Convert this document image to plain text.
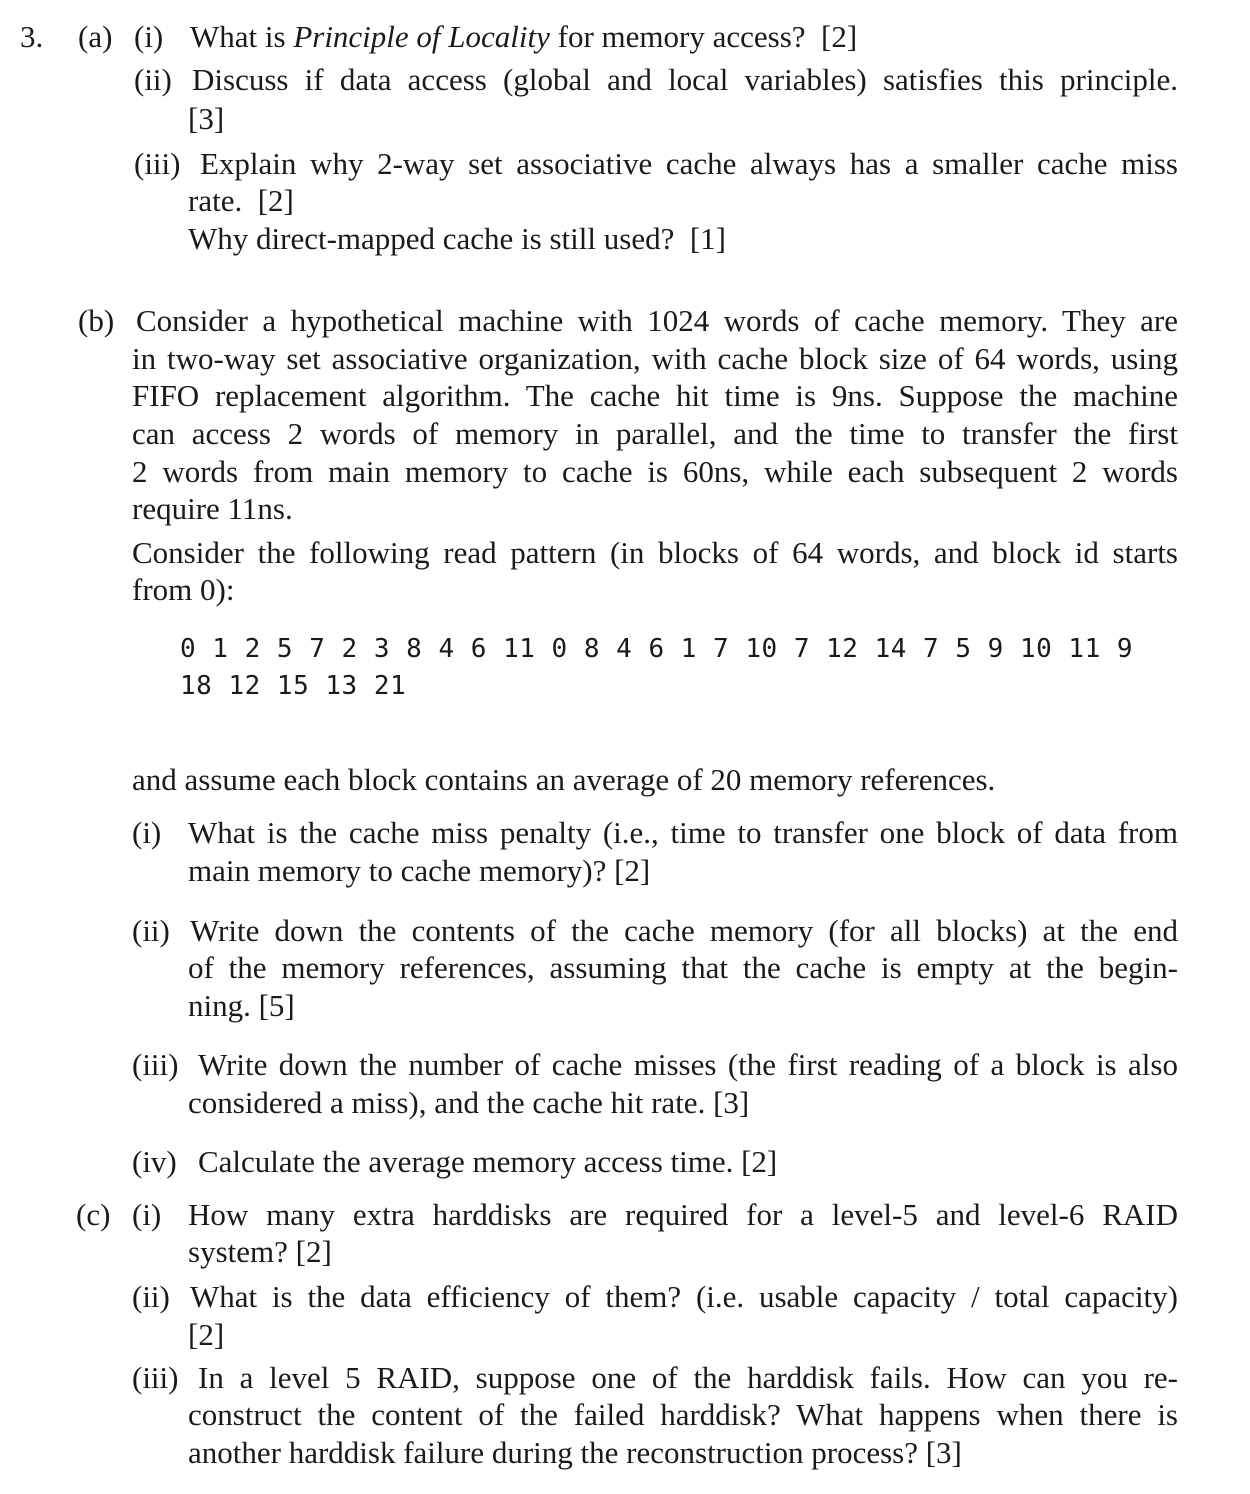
3. (a) (i) What is Principle of Locality for memory access? [2]
(ii) Discuss if data access (global and local variables) satisfies this principle.
[3]
(iii) Explain why 2-way set associative cache always has a smaller cache miss
rate. [2]
Why direct-mapped cache is still used? [1]
(b) Consider a hypothetical machine with 1024 words of cache memory. They are
in two-way set associative organization, with cache block size of 64 words, using
FIFO replacement algorithm. The cache hit time is 9ns. Suppose the machine
can access 2 words of memory in parallel, and the time to transfer the first
2 words from main memory to cache is 60ns, while each subsequent 2 words
require 11ns.
Consider the following read pattern (in blocks of 64 words, and block id starts
from 0):
0 1 2 5 7 2 3 8 4 6 11 0 8 4 6 1 7 10 7 12 14 7 5 9 10 11 9
18 12 15 13 21
and assume each block contains an average of 20 memory references.
(i) What is the cache miss penalty (i.e., time to transfer one block of data from
main memory to cache memory)? [2]
(ii) Write down the contents of the cache memory (for all blocks) at the end
of the memory references, assuming that the cache is empty at the begin-
ning. [5]
(iii) Write down the number of cache misses (the first reading of a block is also
considered a miss), and the cache hit rate. [3]
(iv) Calculate the average memory access time. [2]
(c) (i) How many extra harddisks are required for a level-5 and level-6 RAID
system? [2]
(ii) What is the data efficiency of them? (i.e. usable capacity / total capacity)
[2]
(iii) In a level 5 RAID, suppose one of the harddisk fails. How can you re-
construct the content of the failed harddisk? What happens when there is
another harddisk failure during the reconstruction process? [3]
